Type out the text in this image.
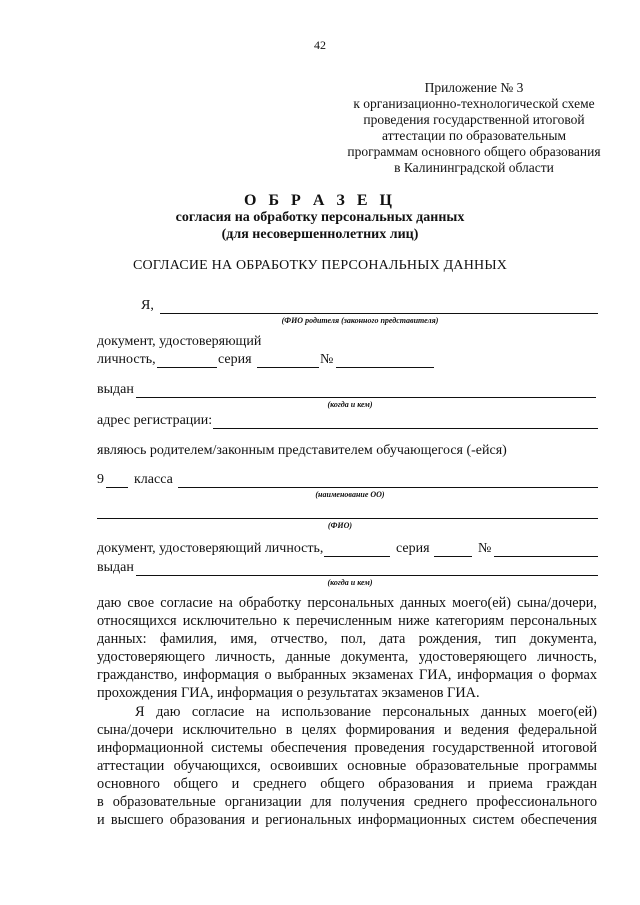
42
Приложение № 3
к организационно-технологической схеме
проведения государственной итоговой
аттестации по образовательным
программам основного общего образования
в Калининградской области
О Б Р А З Е Ц
согласия на обработку персональных данных
(для несовершеннолетних лиц)
СОГЛАСИЕ НА ОБРАБОТКУ ПЕРСОНАЛЬНЫХ ДАННЫХ
Я,
(ФИО родителя (законного представителя)
документ, удостоверяющий
личность,	серия	№
выдан
(когда и кем)
адрес регистрации:
являюсь родителем/законным представителем обучающегося (-ейся)
9 класса
(наименование ОО)
(ФИО)
документ, удостоверяющий личность,	серия	№
выдан
(когда и кем)

даю свое согласие на обработку персональных данных моего(ей) сына/дочери,

относящихся исключительно к перечисленным ниже категориям персональных

данных: фамилия, имя, отчество, пол, дата рождения, тип документа,

удостоверяющего личность, данные документа, удостоверяющего личность,

гражданство, информация о выбранных экзаменах ГИА, информация о формах

прохождения ГИА, информация о результатах экзаменов ГИА.

Я даю согласие на использование персональных данных моего(ей)

сына/дочери исключительно в целях формирования и ведения федеральной

информационной системы обеспечения проведения государственной итоговой

аттестации обучающихся, освоивших основные образовательные программы

основного общего и среднего общего образования и приема граждан

в образовательные организации для получения среднего профессионального

и высшего образования и региональных информационных систем обеспечения
